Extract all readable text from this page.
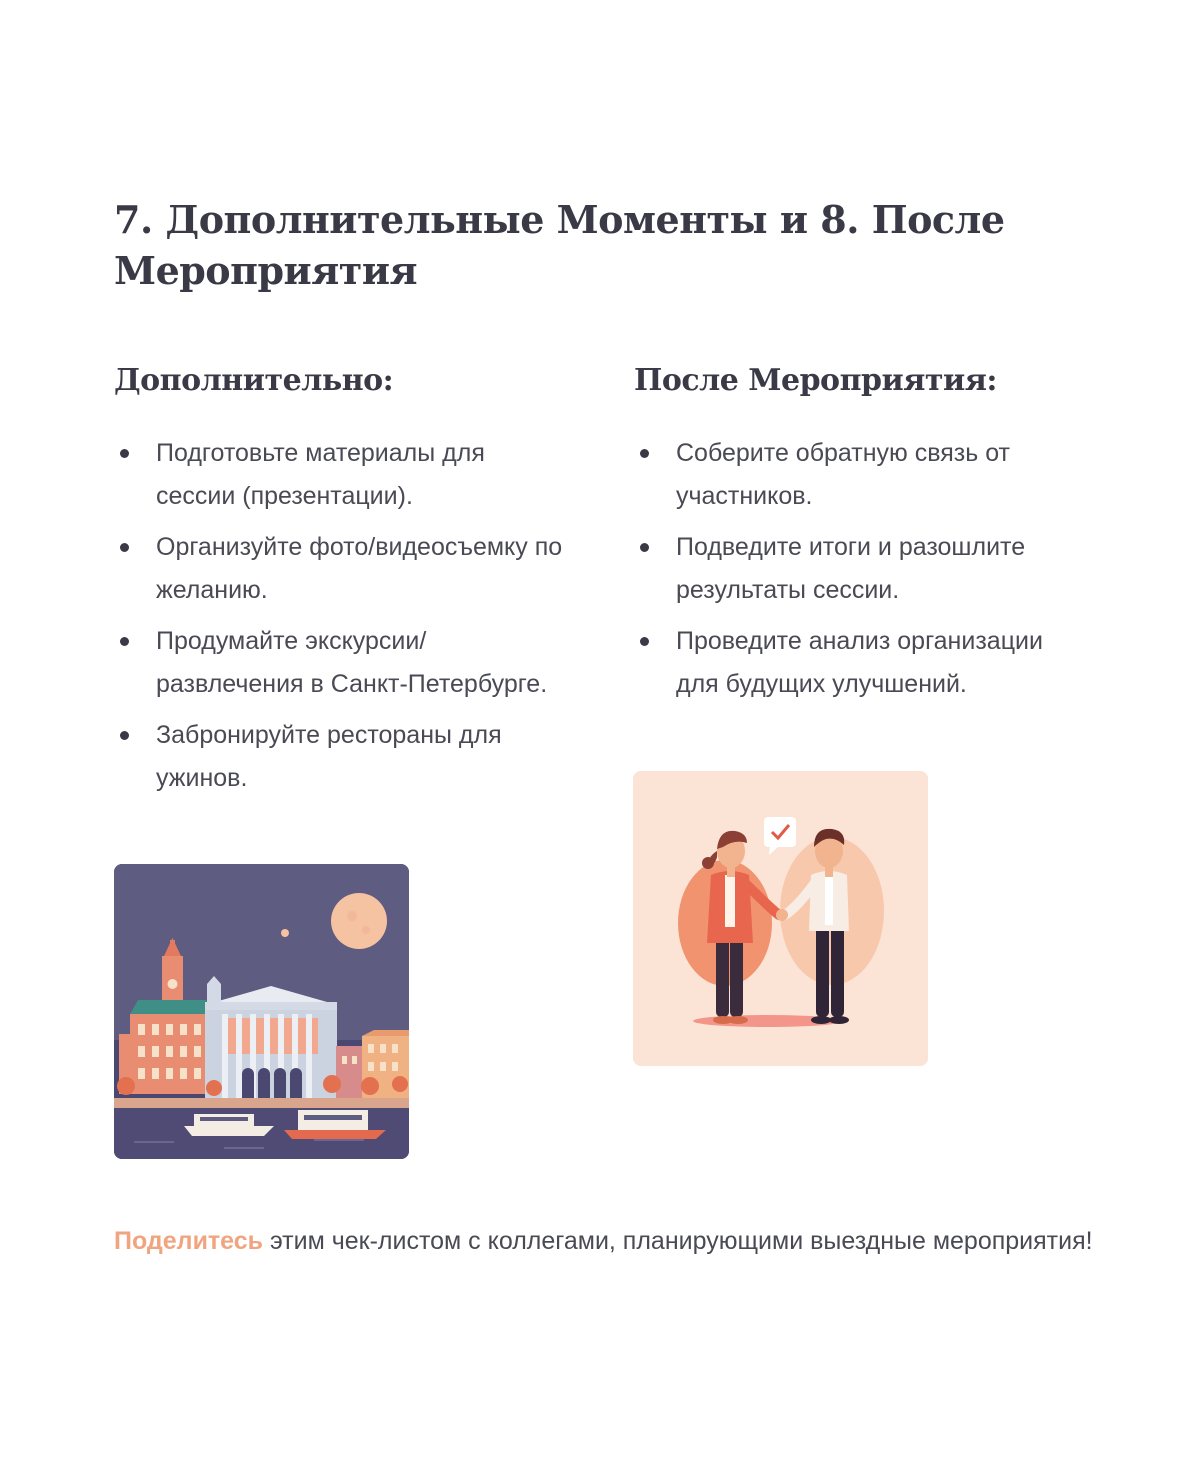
7. Дополнительные Моменты и 8. После Мероприятия
Дополнительно:
Подготовьте материалы для сессии (презентации).
Организуйте фото/видеосъемку по желанию.
Продумайте экскурсии/развлечения в Санкт-Петербурге.
Забронируйте рестораны для ужинов.
После Мероприятия:
Соберите обратную связь от участников.
Подведите итоги и разошлите результаты сессии.
Проведите анализ организации для будущих улучшений.

Поделитесь этим чек-листом с коллегами, планирующими выездные мероприятия!
